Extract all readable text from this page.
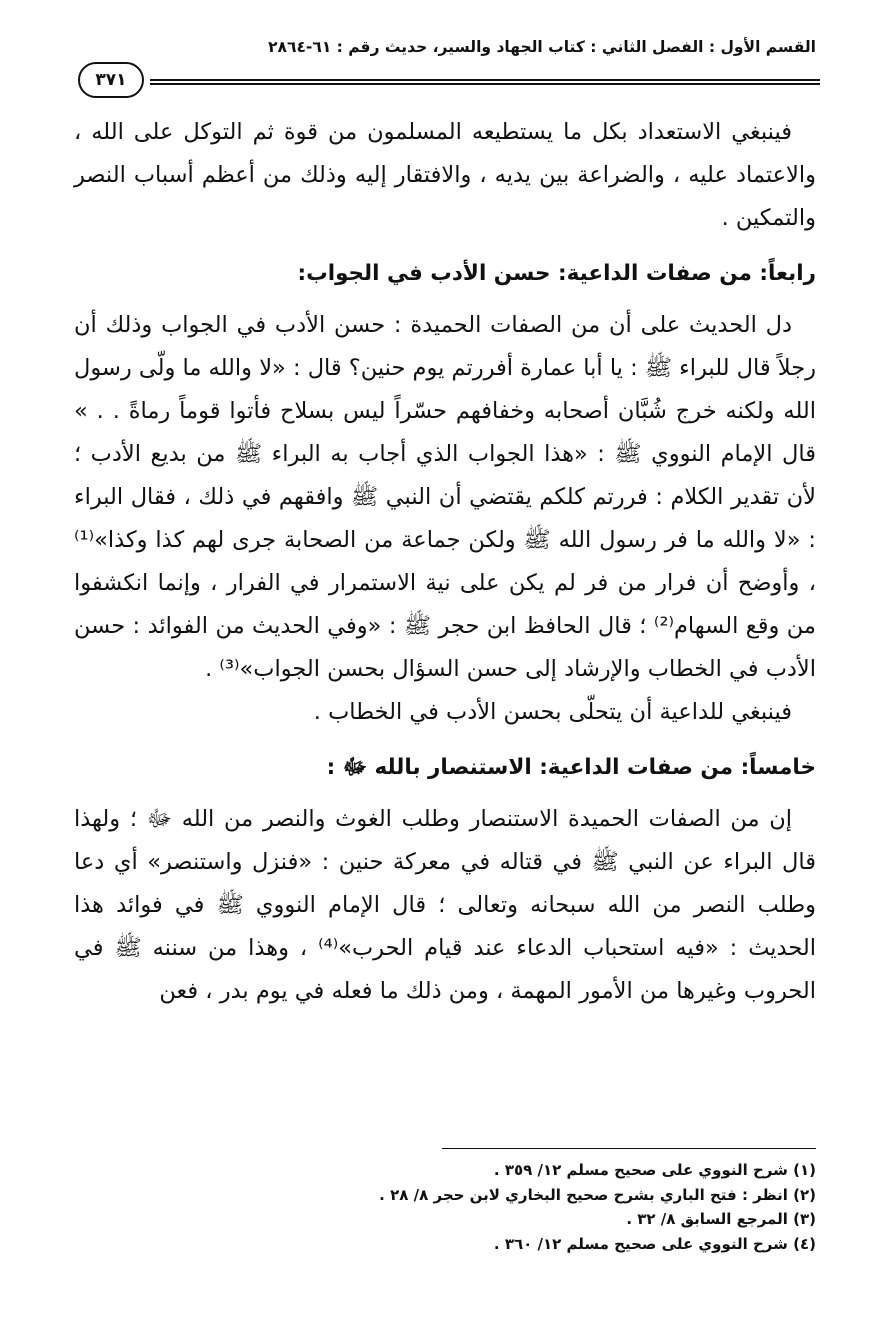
القسم الأول : الفصل الثاني : كتاب الجهاد والسير، حديث رقم : ٦١-٢٨٦٤
٣٧١

فينبغي الاستعداد بكل ما يستطيعه المسلمون من قوة ثم التوكل على الله ، والاعتماد عليه ، والضراعة بين يديه ، والافتقار إليه وذلك من أعظم أسباب النصر والتمكين .

رابعاً: من صفات الداعية: حسن الأدب في الجواب:

دل الحديث على أن من الصفات الحميدة : حسن الأدب في الجواب وذلك أن رجلاً قال للبراء ﷺ : يا أبا عمارة أفررتم يوم حنين؟ قال : «لا والله ما ولّى رسول الله ولكنه خرج شُبَّان أصحابه وخفافهم حسّراً ليس بسلاح فأتوا قوماً رماةً . . » قال الإمام النووي ﷺ : «هذا الجواب الذي أجاب به البراء ﷺ من بديع الأدب ؛ لأن تقدير الكلام : فررتم كلكم يقتضي أن النبي ﷺ وافقهم في ذلك ، فقال البراء : «لا والله ما فر رسول الله ﷺ ولكن جماعة من الصحابة جرى لهم كذا وكذا»⁽¹⁾ ، وأوضح أن فرار من فر لم يكن على نية الاستمرار في الفرار ، وإنما انكشفوا من وقع السهام⁽²⁾ ؛ قال الحافظ ابن حجر ﷺ : «وفي الحديث من الفوائد : حسن الأدب في الخطاب والإرشاد إلى حسن السؤال بحسن الجواب»⁽³⁾ .

فينبغي للداعية أن يتحلّى بحسن الأدب في الخطاب .

خامساً: من صفات الداعية: الاستنصار بالله ﷻ :

إن من الصفات الحميدة الاستنصار وطلب الغوث والنصر من الله ﷻ ؛ ولهذا قال البراء عن النبي ﷺ في قتاله في معركة حنين : «فنزل واستنصر» أي دعا وطلب النصر من الله سبحانه وتعالى ؛ قال الإمام النووي ﷺ في فوائد هذا الحديث : «فيه استحباب الدعاء عند قيام الحرب»⁽⁴⁾ ، وهذا من سننه ﷺ في الحروب وغيرها من الأمور المهمة ، ومن ذلك ما فعله في يوم بدر ، فعن

(١) شرح النووي على صحيح مسلم ١٢/ ٣٥٩ .

(٢) انظر : فتح الباري بشرح صحيح البخاري لابن حجر ٨/ ٢٨ .

(٣) المرجع السابق ٨/ ٣٢ .

(٤) شرح النووي على صحيح مسلم ١٢/ ٣٦٠ .
